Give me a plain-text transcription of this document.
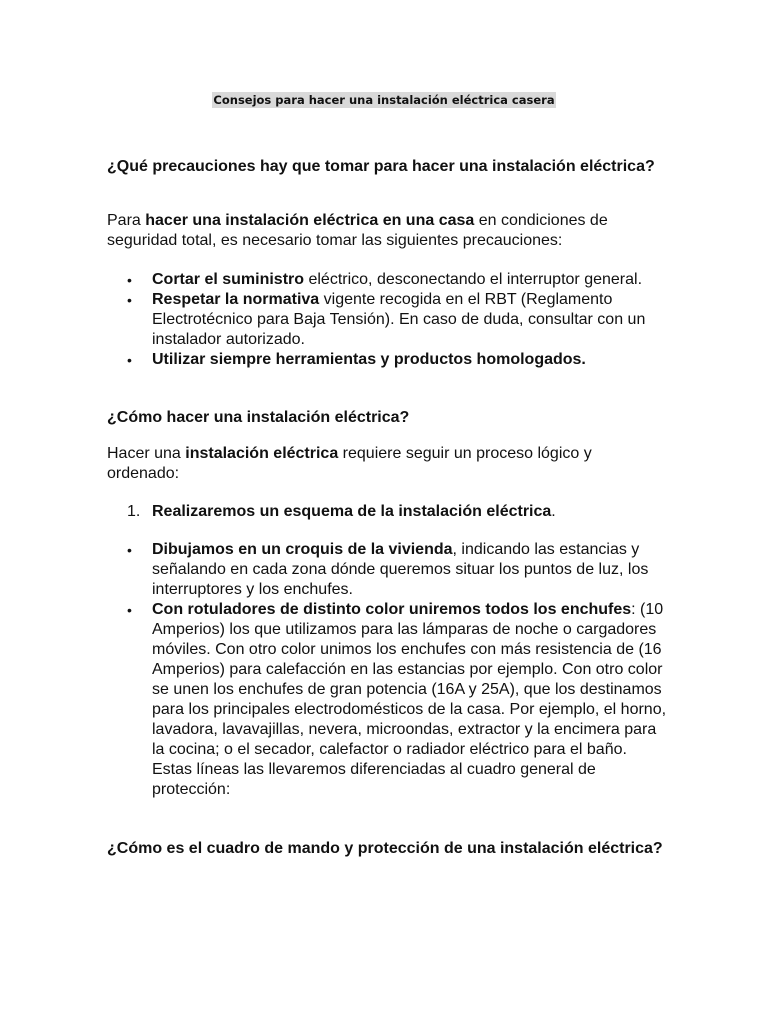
Consejos para hacer una instalación eléctrica casera
¿Qué precauciones hay que tomar para hacer una instalación eléctrica?

Para hacer una instalación eléctrica en una casa en condiciones de seguridad total, es necesario tomar las siguientes precauciones:

• Cortar el suministro eléctrico, desconectando el interruptor general.
• Respetar la normativa vigente recogida en el RBT (Reglamento Electrotécnico para Baja Tensión). En caso de duda, consultar con un instalador autorizado.
• Utilizar siempre herramientas y productos homologados.
¿Cómo hacer una instalación eléctrica?

Hacer una instalación eléctrica requiere seguir un proceso lógico y ordenado:

1. Realizaremos un esquema de la instalación eléctrica.
• Dibujamos en un croquis de la vivienda, indicando las estancias y señalando en cada zona dónde queremos situar los puntos de luz, los interruptores y los enchufes.
• Con rotuladores de distinto color uniremos todos los enchufes: (10 Amperios) los que utilizamos para las lámparas de noche o cargadores móviles. Con otro color unimos los enchufes con más resistencia de (16 Amperios) para calefacción en las estancias por ejemplo. Con otro color se unen los enchufes de gran potencia (16A y 25A), que los destinamos para los principales electrodomésticos de la casa. Por ejemplo, el horno, lavadora, lavavajillas, nevera, microondas, extractor y la encimera para la cocina; o el secador, calefactor o radiador eléctrico para el baño. Estas líneas las llevaremos diferenciadas al cuadro general de protección:
¿Cómo es el cuadro de mando y protección de una instalación eléctrica?
